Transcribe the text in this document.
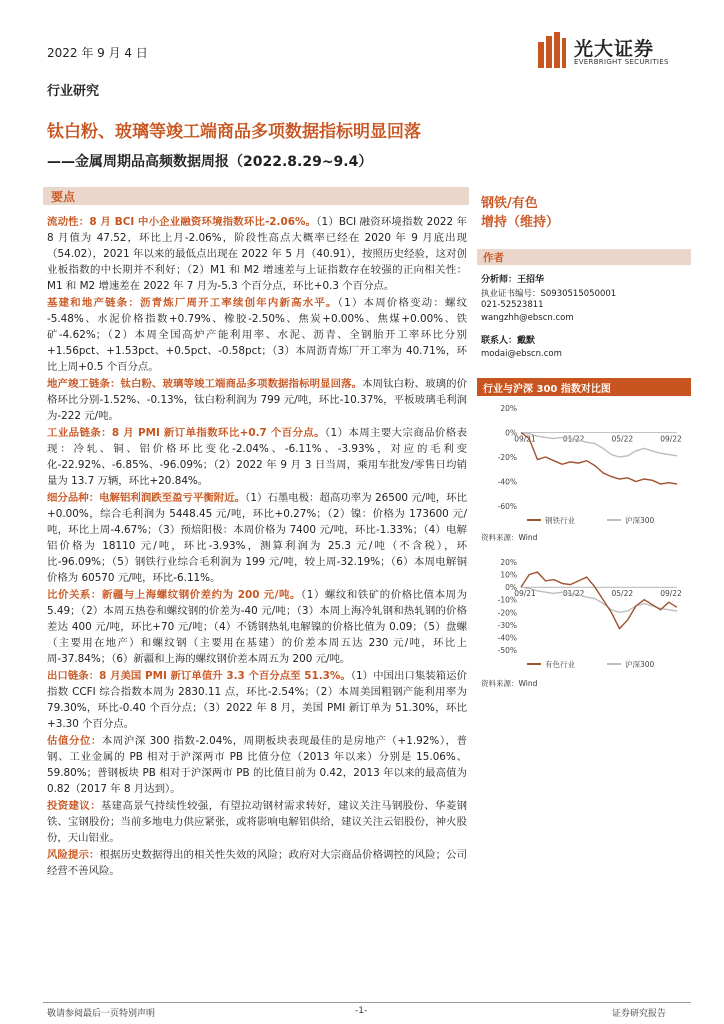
2022 年 9 月 4 日	光大证券
EVERBRIGHT SECURITIES
行业研究
钛白粉、玻璃等竣工端商品多项数据指标明显回落
——金属周期品高频数据周报（2022.8.29~9.4）
要点
流动性：8 月 BCI 中小企业融资环境指数环比-2.06%。（1）BCI 融资环境指数 2022 年 8 月值为 47.52，环比上月-2.06%，阶段性高点大概率已经在 2020 年 9 月底出现（54.02），2021 年以来的最低点出现在 2022 年 5 月（40.91），按照历史经验，这对创业板指数的中长期并不利好；（2）M1 和 M2 增速差与上证指数存在较强的正向相关性：M1 和 M2 增速差在 2022 年 7 月为-5.3 个百分点，环比+0.3 个百分点。
基建和地产链条：沥青炼厂周开工率续创年内新高水平。（1）本周价格变动：螺纹 -5.48%、水泥价格指数+0.79%、橡胶-2.50%、焦炭+0.00%、焦煤+0.00%、铁矿-4.62%；（2）本周全国高炉产能利用率、水泥、沥青、全钢胎开工率环比分别+1.56pct、+1.53pct、+0.5pct、-0.58pct；（3）本周沥青炼厂开工率为 40.71%，环比上周+0.5 个百分点。
地产竣工链条：钛白粉、玻璃等竣工端商品多项数据指标明显回落。本周钛白粉、玻璃的价格环比分别-1.52%、-0.13%，钛白粉利润为 799 元/吨，环比-10.37%，平板玻璃毛利润为-222 元/吨。
工业品链条：8 月 PMI 新订单指数环比+0.7 个百分点。（1）本周主要大宗商品价格表现：冷轧、铜、铝价格环比变化-2.04%、-6.11%、-3.93%，对应的毛利变化-22.92%、-6.85%、-96.09%；（2）2022 年 9 月 3 日当周，乘用车批发/零售日均销量为 13.7 万辆，环比+20.84%。
细分品种：电解铝利润跌至盈亏平衡附近。（1）石墨电极：超高功率为 26500 元/吨，环比+0.00%，综合毛利润为 5448.45 元/吨，环比+0.27%；（2）镍：价格为 173600 元/吨，环比上周-4.67%；（3）预焙阳极：本周价格为 7400 元/吨，环比-1.33%；（4）电解铝价格为 18110 元/吨，环比-3.93%，测算利润为 25.3 元/吨（不含税），环比-96.09%；（5）钢铁行业综合毛利润为 199 元/吨，较上周-32.19%；（6）本周电解铜价格为 60570 元/吨，环比-6.11%。
比价关系：新疆与上海螺纹钢价差约为 200 元/吨。（1）螺纹和铁矿的价格比值本周为 5.49；（2）本周五热卷和螺纹钢的价差为-40 元/吨；（3）本周上海冷轧钢和热轧钢的价格差达 400 元/吨，环比+70 元/吨；（4）不锈钢热轧电解镍的价格比值为 0.09；（5）盘螺（主要用在地产）和螺纹钢（主要用在基建）的价差本周五达 230 元/吨，环比上周-37.84%；（6）新疆和上海的螺纹钢价差本周五为 200 元/吨。
出口链条：8 月美国 PMI 新订单值升 3.3 个百分点至 51.3%。（1）中国出口集装箱运价指数 CCFI 综合指数本周为 2830.11 点，环比-2.54%；（2）本周美国粗钢产能利用率为 79.30%，环比-0.40 个百分点；（3）2022 年 8 月，美国 PMI 新订单为 51.30%，环比+3.30 个百分点。
估值分位：本周沪深 300 指数-2.04%，周期板块表现最佳的是房地产（+1.92%），普钢、工业金属的 PB 相对于沪深两市 PB 比值分位（2013 年以来）分别是 15.06%、59.80%；普钢板块 PB 相对于沪深两市 PB 的比值目前为 0.42，2013 年以来的最高值为 0.82（2017 年 8 月达到）。
投资建议：基建高景气持续性较强，有望拉动钢材需求转好，建议关注马钢股份、华菱钢铁、宝钢股份；当前多地电力供应紧张，或将影响电解铝供给，建议关注云铝股份，神火股份，天山铝业。
风险提示：根据历史数据得出的相关性失效的风险；政府对大宗商品价格调控的风险；公司经营不善风险。
钢铁/有色
增持（维持）
作者
分析师：王招华
执业证书编号：S0930515050001
021-52523811
wangzhh@ebscn.com
联系人：戴默
modai@ebscn.com
行业与沪深 300 指数对比图
20%
0%
-20%
-40%
-60%
09/21	01/22	05/22	09/22
钢铁行业	沪深300
资料来源：Wind
20%
10%
0%
-10%
-20%
-30%
-40%
-50%
09/21	01/22	05/22	09/22
有色行业	沪深300
资料来源：Wind
敬请参阅最后一页特别声明	-1-	证券研究报告
